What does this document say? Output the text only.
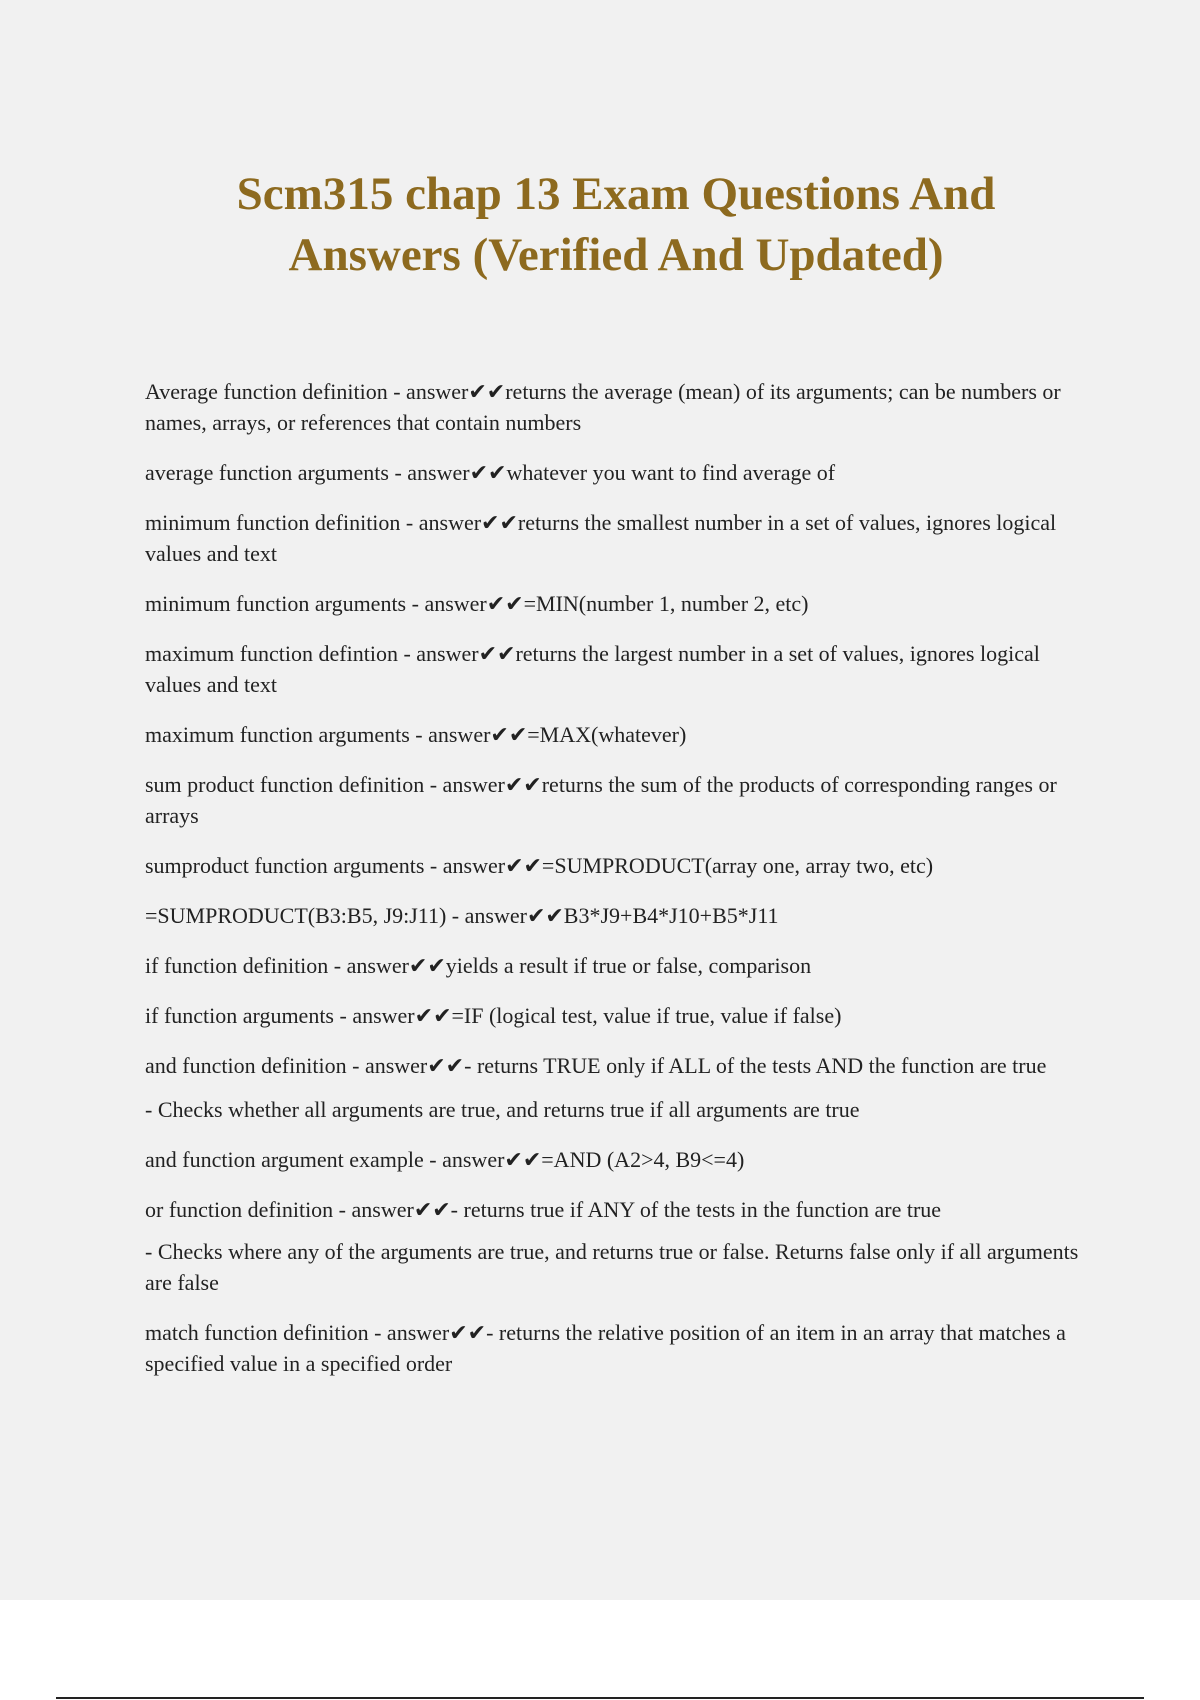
Scm315 chap 13 Exam Questions And
Answers (Verified And Updated)
Average function definition - answer✔✔returns the average (mean) of its arguments; can be numbers or names, arrays, or references that contain numbers
average function arguments - answer✔✔whatever you want to find average of
minimum function definition - answer✔✔returns the smallest number in a set of values, ignores logical values and text
minimum function arguments - answer✔✔=MIN(number 1, number 2, etc)
maximum function defintion - answer✔✔returns the largest number in a set of values, ignores logical values and text
maximum function arguments - answer✔✔=MAX(whatever)
sum product function definition - answer✔✔returns the sum of the products of corresponding ranges or arrays
sumproduct function arguments - answer✔✔=SUMPRODUCT(array one, array two, etc)
=SUMPRODUCT(B3:B5, J9:J11) - answer✔✔B3*J9+B4*J10+B5*J11
if function definition - answer✔✔yields a result if true or false, comparison
if function arguments - answer✔✔=IF (logical test, value if true, value if false)
and function definition - answer✔✔- returns TRUE only if ALL of the tests AND the function are true
- Checks whether all arguments are true, and returns true if all arguments are true
and function argument example - answer✔✔=AND (A2>4, B9<=4)
or function definition - answer✔✔- returns true if ANY of the tests in the function are true
- Checks where any of the arguments are true, and returns true or false. Returns false only if all arguments are false
match function definition - answer✔✔- returns the relative position of an item in an array that matches a specified value in a specified order
